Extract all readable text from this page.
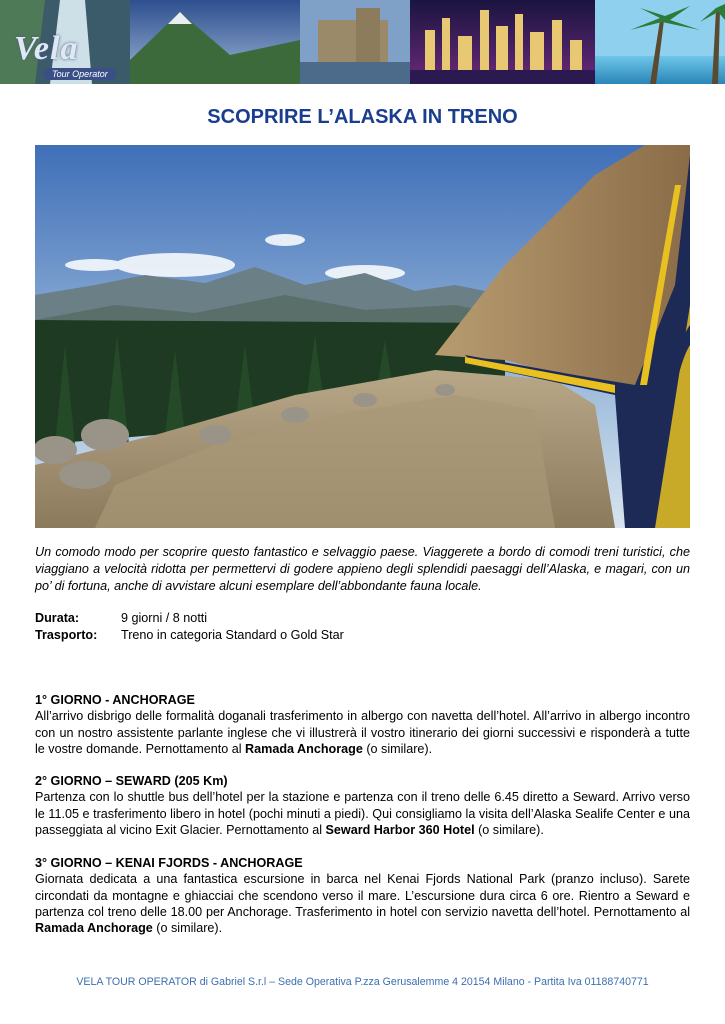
Vela
Tour Operator
SCOPRIRE L’ALASKA IN TRENO
Un comodo modo per scoprire questo fantastico e selvaggio paese. Viaggerete a bordo di comodi treni turistici, che viaggiano a velocità ridotta per permettervi di godere appieno degli splendidi paesaggi dell’Alaska, e magari, con un po’ di fortuna, anche di avvistare alcuni esemplare dell’abbondante fauna locale.
Durata:	9 giorni / 8 notti
Trasporto:	Treno in categoria Standard o Gold Star
1° GIORNO - ANCHORAGE
All’arrivo disbrigo delle formalità doganali trasferimento in albergo con navetta dell’hotel. All’arrivo in albergo incontro con un nostro assistente parlante inglese che vi illustrerà il vostro itinerario dei giorni successivi e risponderà a tutte le vostre domande. Pernottamento al Ramada Anchorage (o similare).
2° GIORNO – SEWARD (205 Km)
Partenza con lo shuttle bus dell’hotel per la stazione e partenza con il treno delle 6.45 diretto a Seward. Arrivo verso le 11.05 e trasferimento libero in hotel (pochi minuti a piedi). Qui consigliamo la visita dell’Alaska Sealife Center e una passeggiata al vicino Exit Glacier. Pernottamento al Seward Harbor 360 Hotel (o similare).
3° GIORNO – KENAI FJORDS - ANCHORAGE
Giornata dedicata a una fantastica escursione in barca nel Kenai Fjords National Park (pranzo incluso). Sarete circondati da montagne e ghiacciai che scendono verso il mare. L’escursione dura circa 6 ore. Rientro a Seward e partenza col treno delle 18.00 per Anchorage. Trasferimento in hotel con servizio navetta dell’hotel. Pernottamento al Ramada Anchorage (o similare).
VELA TOUR OPERATOR di Gabriel S.r.l – Sede Operativa P.zza Gerusalemme 4 20154 Milano - Partita Iva 01188740771
